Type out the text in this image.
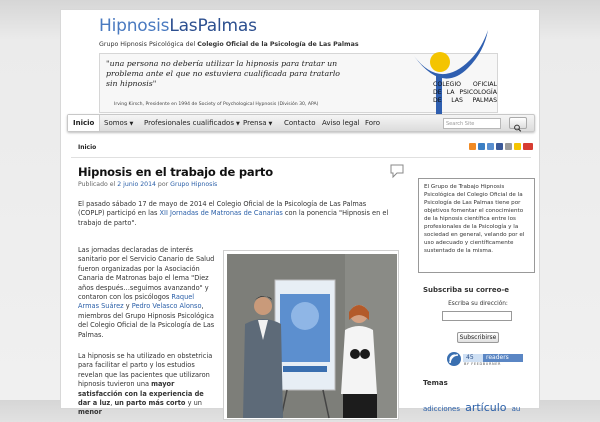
HipnosisLasPalmas
Grupo Hipnosis Psicológica del Colegio Oficial de la Psicología de Las Palmas
"una persona no debería utilizar la hipnosis para tratar un problema ante el que no estuviera cualificada para tratarlo sin hipnosis"
Irving Kirsch, Presidente en 1994 de Society of Psychological Hypnosis (División 30, APA)
COLEGIO OFICIAL DE LA PSICOLOGÍA DE LAS PALMAS
Inicio	Somos ▼ Profesionales cualificados ▼ Prensa ▼ Contacto Aviso legal Foro	Search Site
Inicio
Hipnosis en el trabajo de parto
Publicado el 2 junio 2014 por Grupo Hipnosis
El pasado sábado 17 de mayo de 2014 el Colegio Oficial de la Psicología de Las Palmas (COPLP) participó en las XII Jornadas de Matronas de Canarias con la ponencia "Hipnosis en el trabajo de parto".
Las jornadas declaradas de interés sanitario por el Servicio Canario de Salud fueron organizadas por la Asociación Canaria de Matronas bajo el lema "Diez años después…seguimos avanzando" y contaron con los psicólogos Raquel Armas Suárez y Pedro Velasco Alonso, miembros del Grupo Hipnosis Psicológica del Colegio Oficial de la Psicología de Las Palmas.
La hipnosis se ha utilizado en obstetricia para facilitar el parto y los estudios revelan que las pacientes que utilizaron hipnosis tuvieron una mayor satisfacción con la experiencia de dar a luz, un parto más corto y un menor
El Grupo de Trabajo Hipnosis Psicológica del Colegio Oficial de la Psicología de Las Palmas tiene por objetivos fomentar el conocimiento de la hipnosis científica entre los profesionales de la Psicología y la sociedad en general, velando por el uso adecuado y científicamente sustentado de la misma.
Subscriba su correo-e
Escriba su dirección:
Subscribirse
45 readers
BY FEEDBURNER
Temas
adicciones artículo au
